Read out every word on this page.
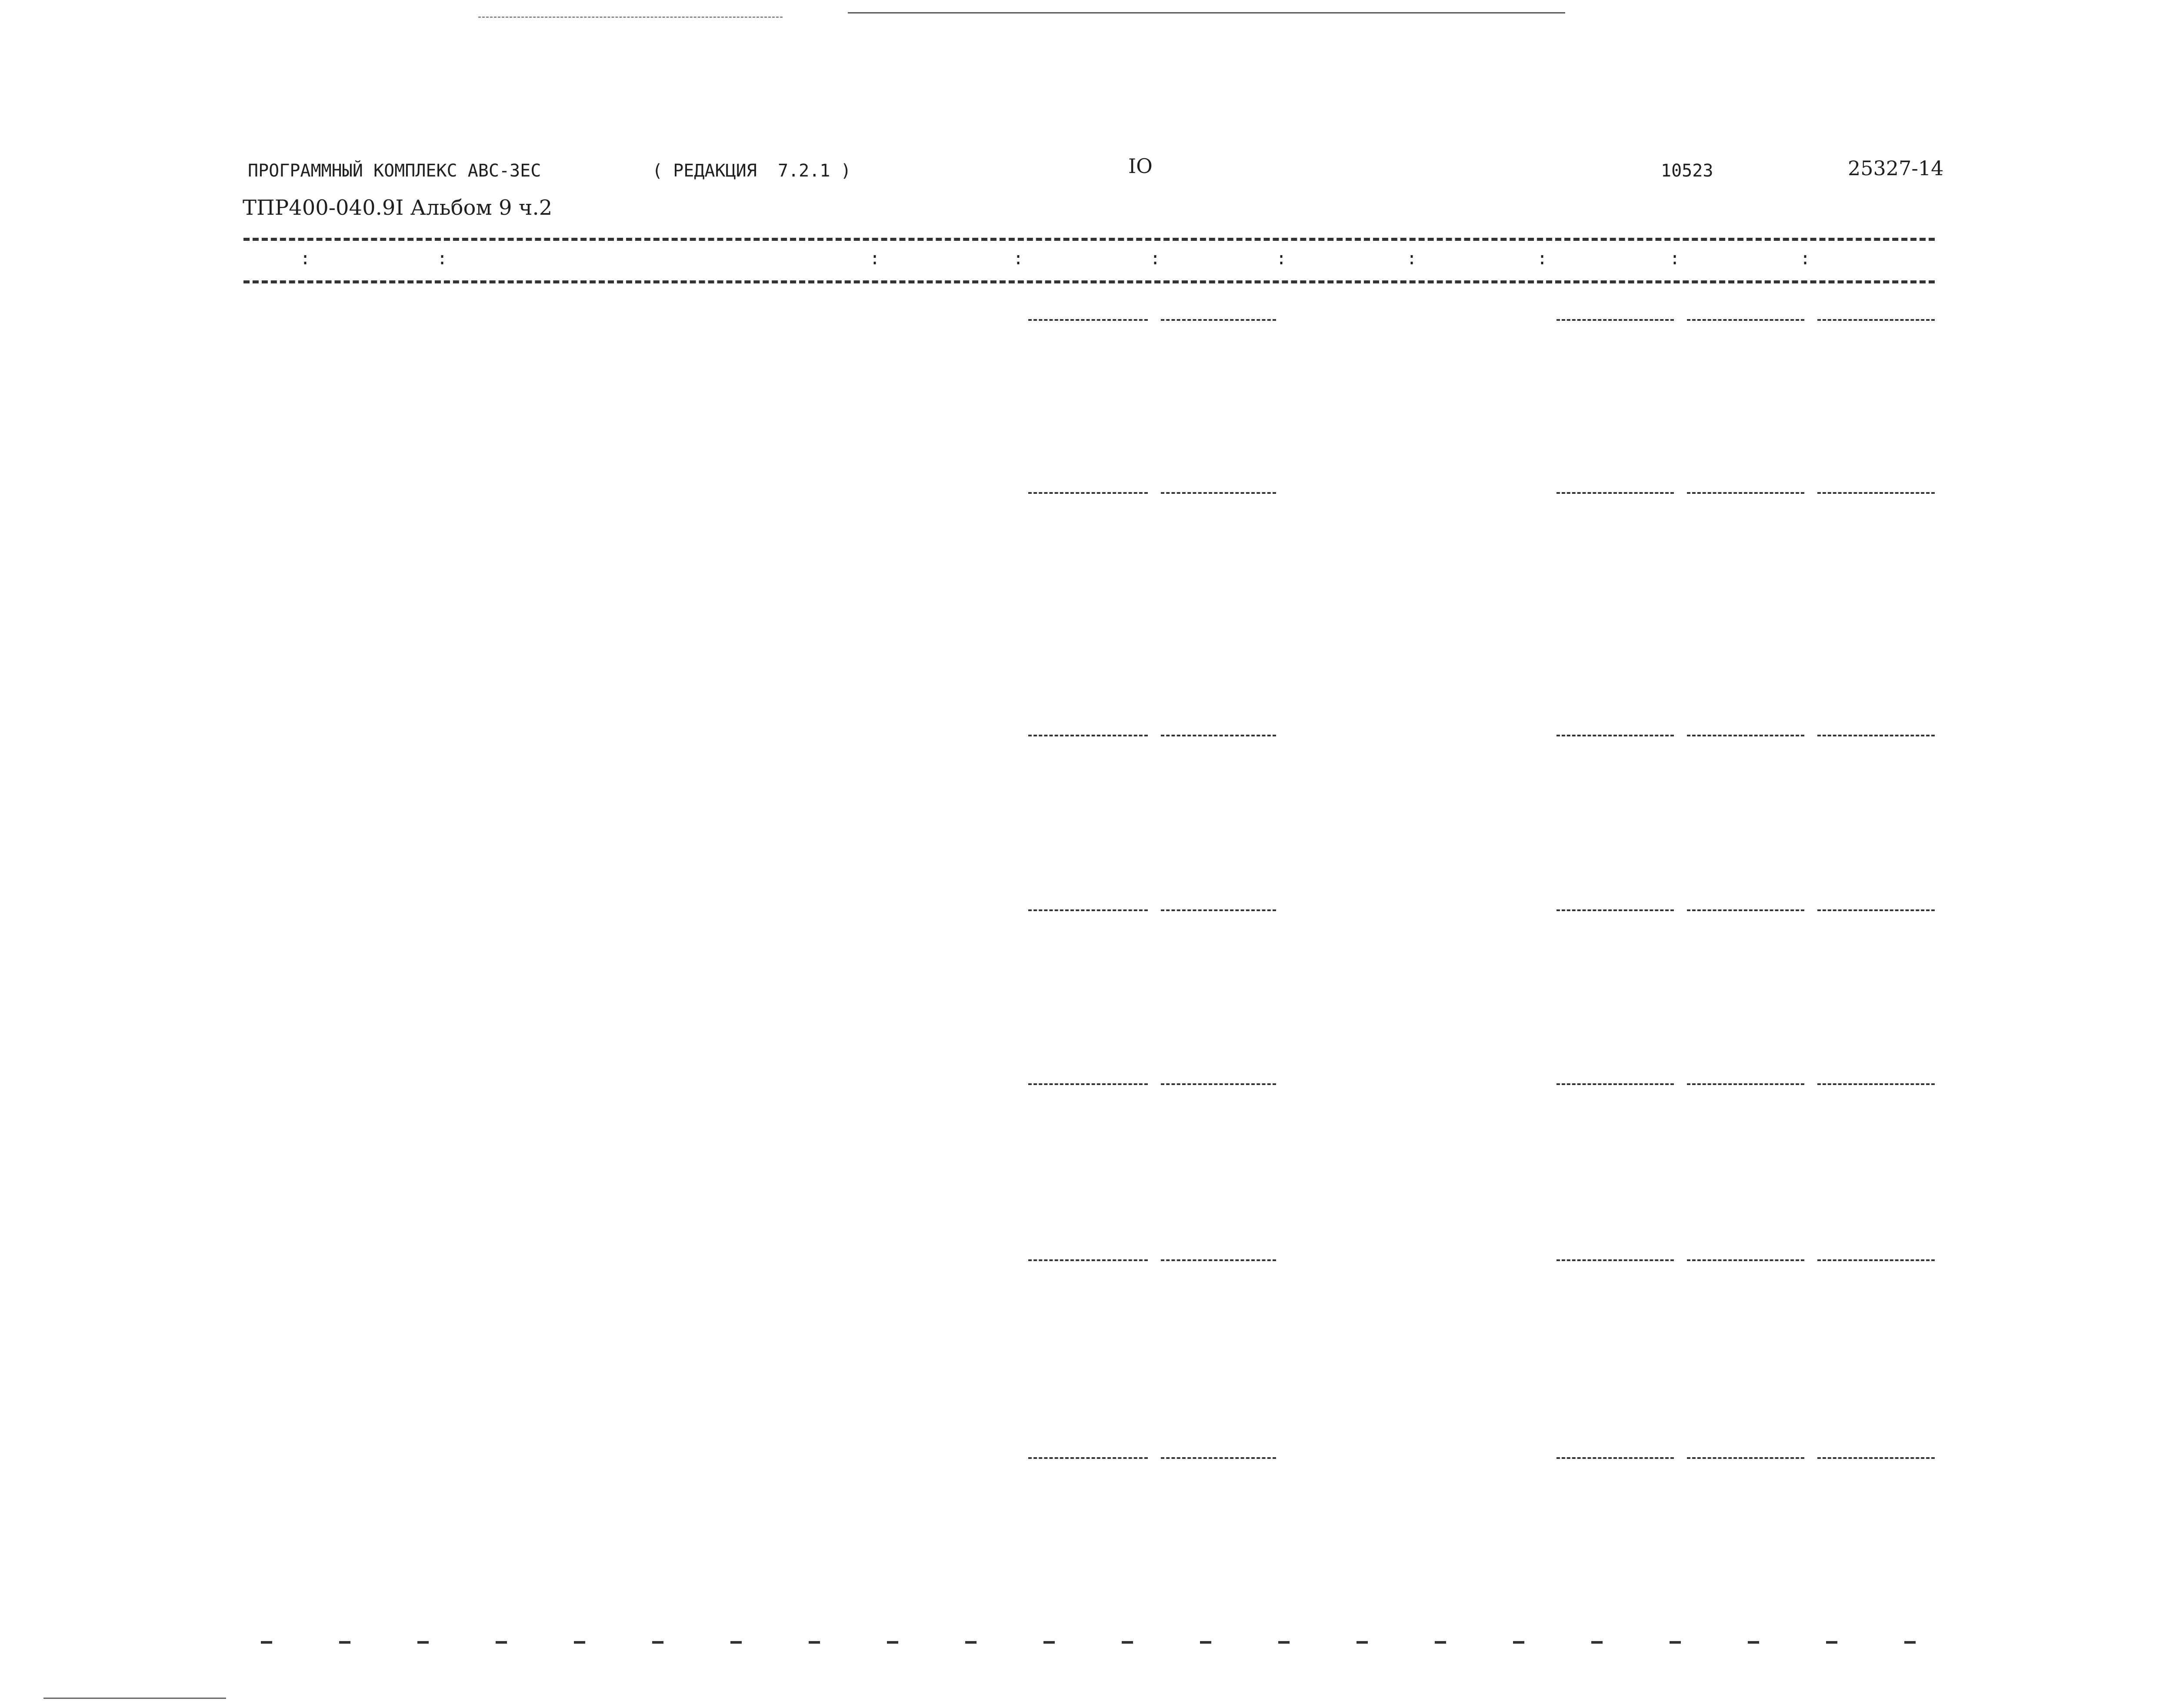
ПРОГРАММНЫЙ КОМПЛЕКС АВС-3ЕС	( РЕДАКЦИЯ  7.2.1 )	IO	10523	25327-14
ТПР400-040.9I Альбом 9 ч.2
:	:	:	:	:	:	:	:	:	:
